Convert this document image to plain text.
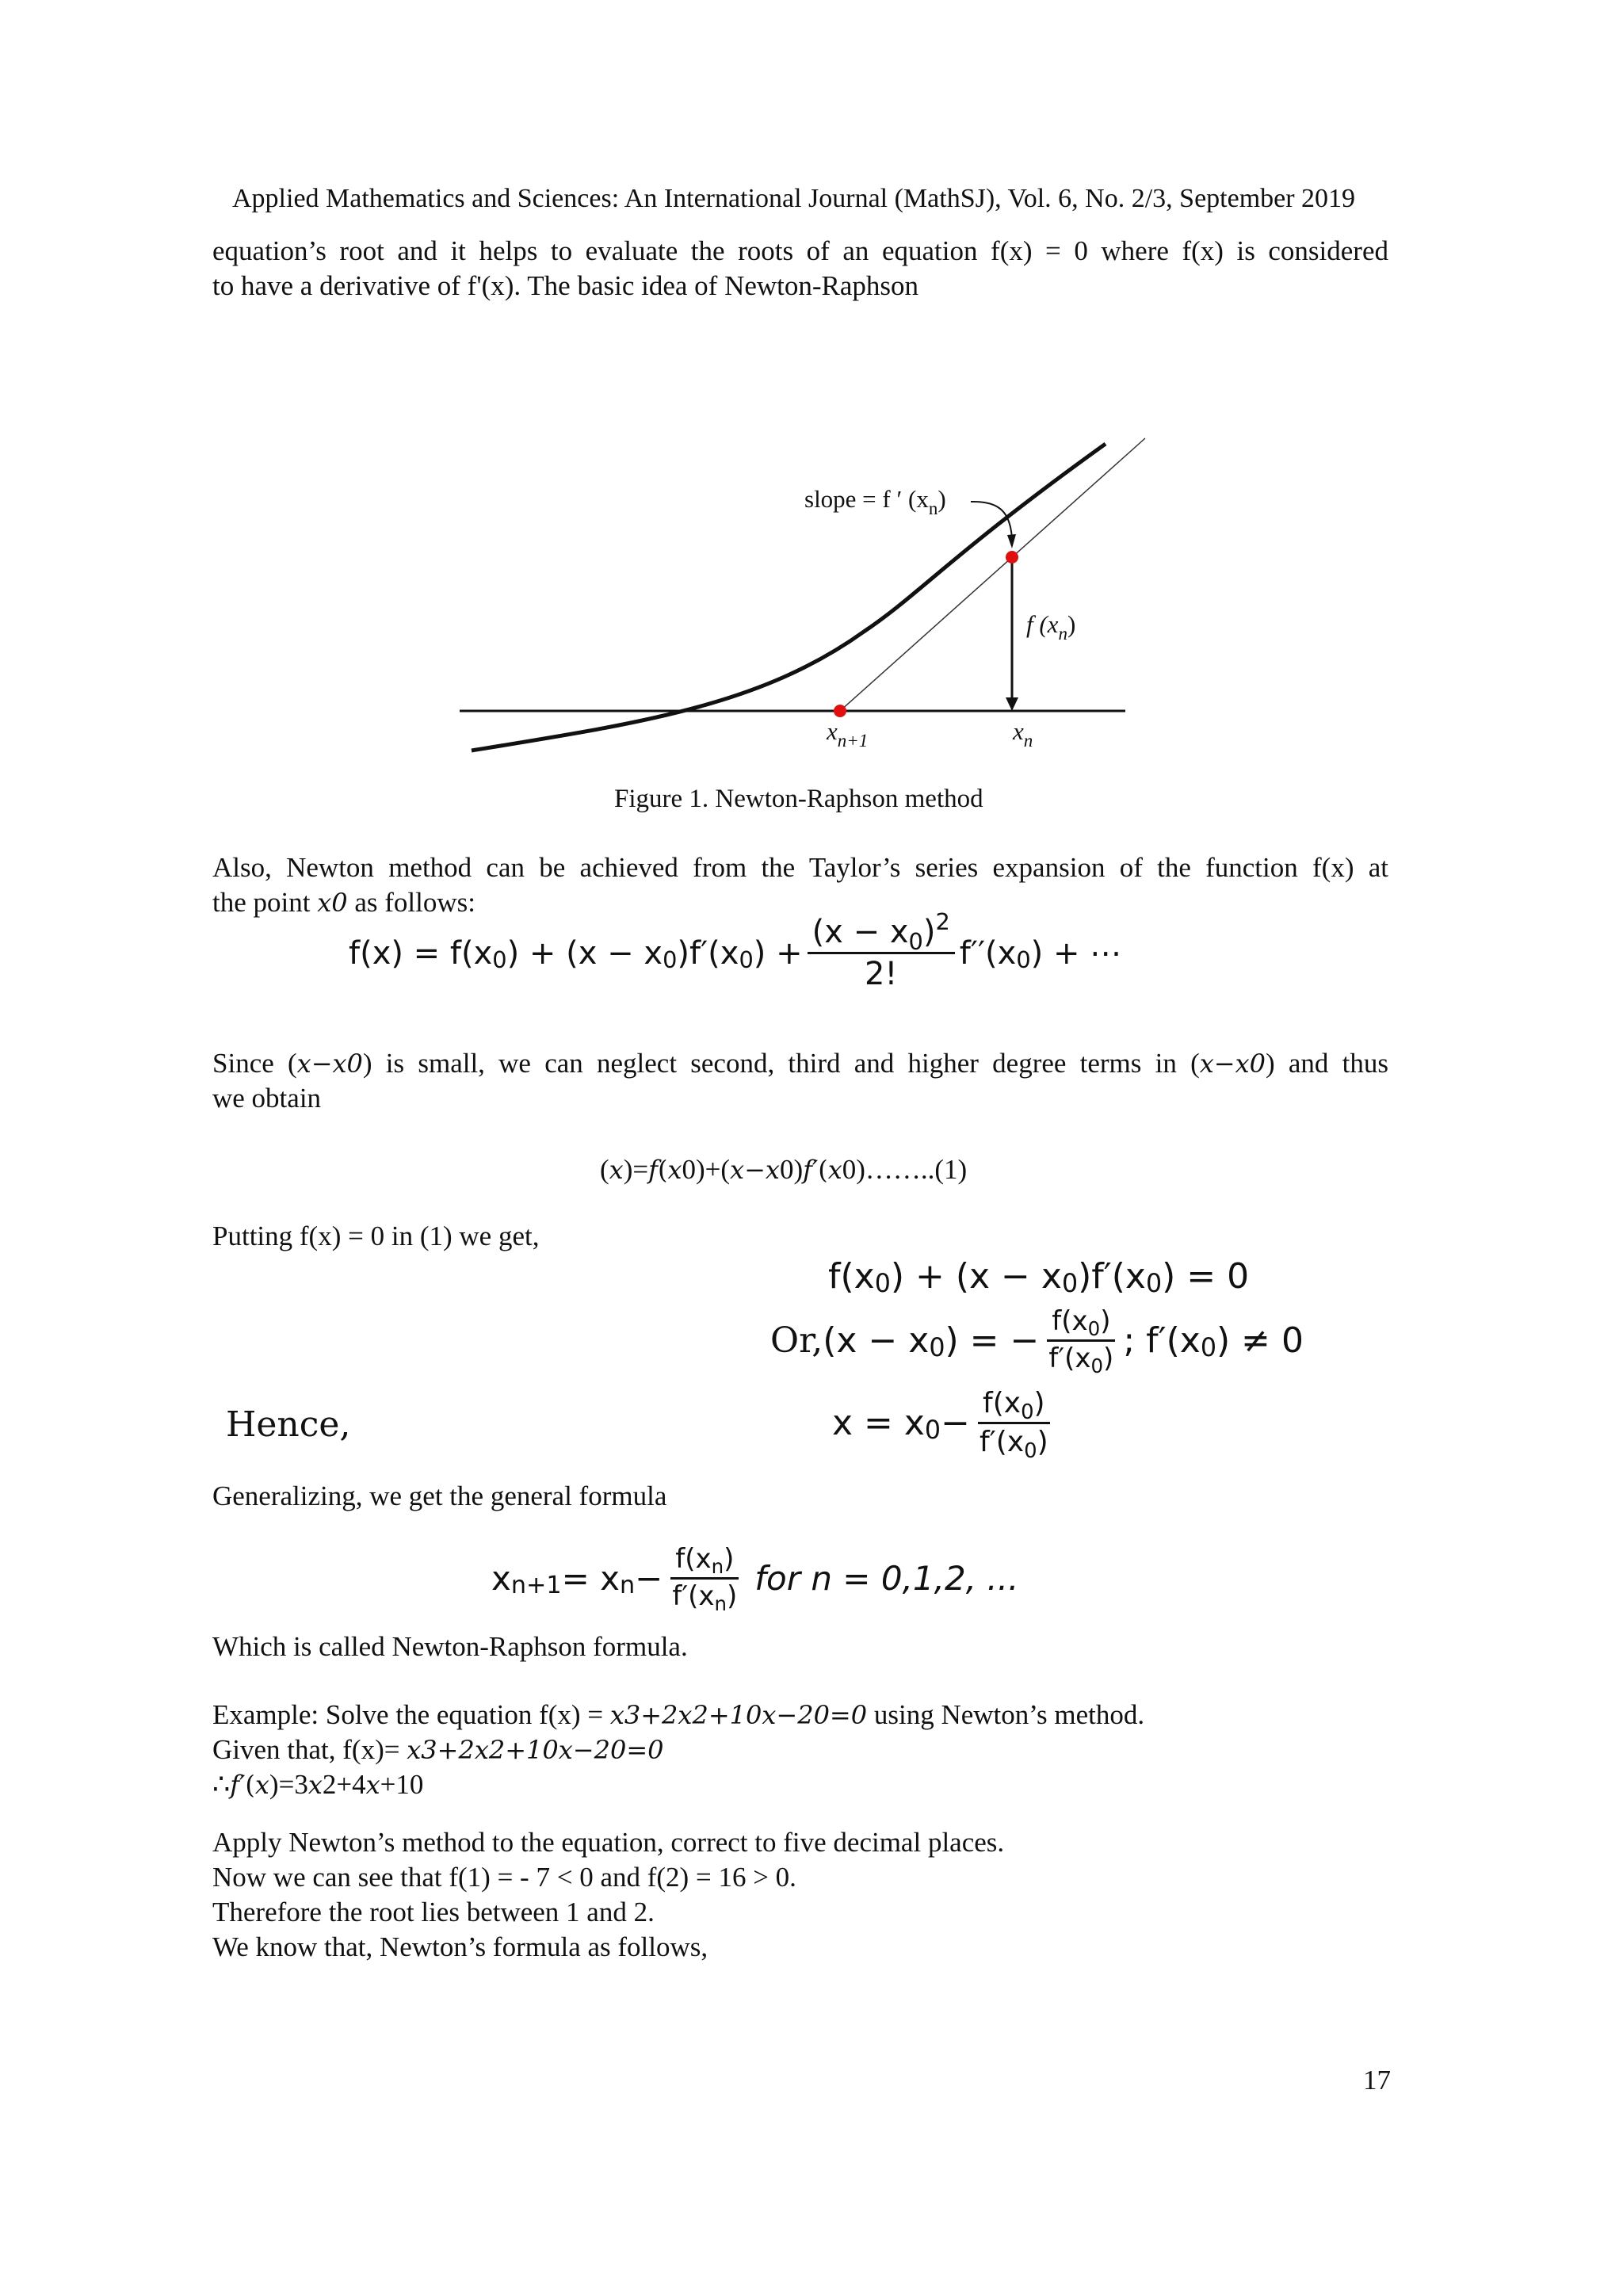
Applied Mathematics and Sciences: An International Journal (MathSJ), Vol. 6, No. 2/3, September 2019
equation’s root and it helps to evaluate the roots of an equation f(x) = 0 where f(x) is considered
to have a derivative of f'(x). The basic idea of Newton-Raphson
slope = f ′ $(x_n)$
f $(x_n)$
$x_{n+1}$	$x_n$
Figure 1. Newton-Raphson method
Also, Newton method can be achieved from the Taylor’s series expansion of the function f(x) at
the point x0 as follows:
f(x) = f(x 0 ) + (x − x 0 )f′(x 0 ) + $\frac{(x - x_0)^2}{2!} f''(x$ 0 ) + ⋯
Since (x−x0) is small, we can neglect second, third and higher degree terms in (x−x0) and thus
we obtain
(x)=f(x0)+(x−x0)f′(x0)……..(1)
Putting f(x) = 0 in (1) we get,
f(x 0 ) + (x − x 0 )f′(x 0 ) = 0
Or, (x − x 0 ) = − $\frac{f(x_0)}{f'(x_0)}$ ; f′(x 0 ) ≠ 0
Hence,	x = x $0 - \frac{f(x_0)}{f'(x_0)}$
Generalizing, we get the general formula
x n+1 = x $n - \frac{f(x_n)}{f'(x_n)}$ for n = 0,1,2, ...
Which is called Newton-Raphson formula.
Example: Solve the equation f(x) = x3+2x2+10x−20=0 using Newton’s method.
Given that, f(x)= x3+2x2+10x−20=0
∴f′(x)=3x2+4x+10
Apply Newton’s method to the equation, correct to five decimal places.
Now we can see that f(1) = - 7 < 0 and f(2) = 16 > 0.
Therefore the root lies between 1 and 2.
We know that, Newton’s formula as follows,
17
